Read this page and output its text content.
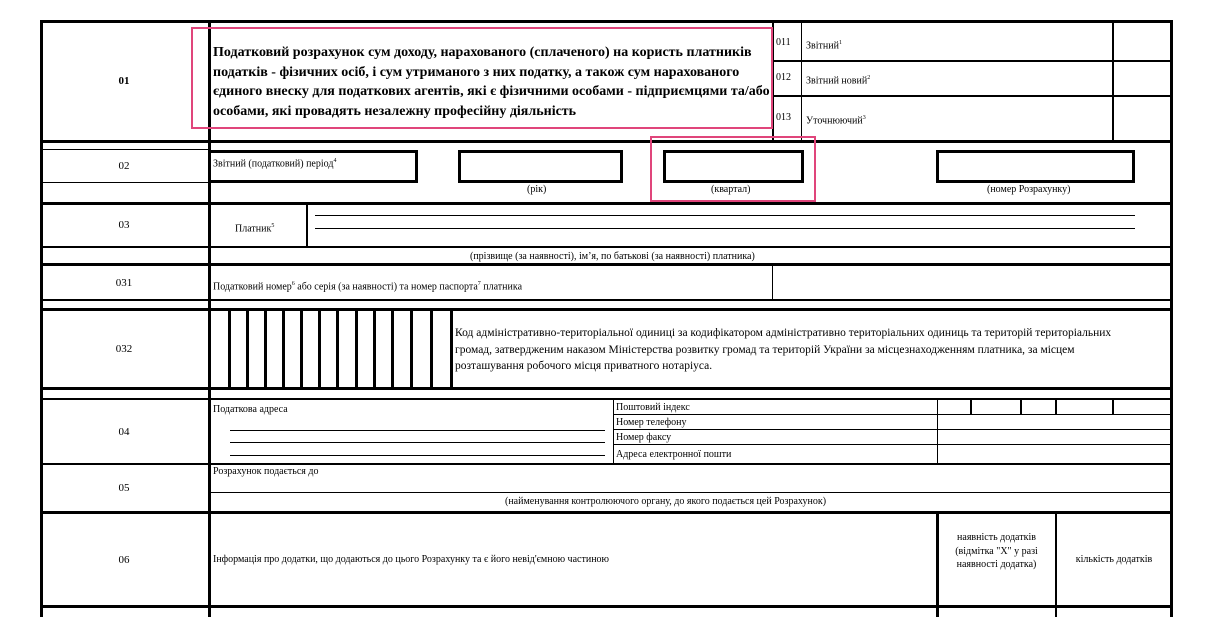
01
Податковий розрахунок сум доходу, нарахованого (сплаченого) на користь платників податків - фізичних осіб, і сум утриманого з них податку, а також сум нарахованого єдиного внеску для податкових агентів, які є фізичними особами - підприємцями та/або особами, які провадять незалежну професійну діяльність
011 Звітний$^1$
012 Звітний новий$^2$
013 Уточнюючий$^3$
02	Звітний (податковий) період$^4$
(рік)	(квартал)	(номер Розрахунку)
03	Платник$^5$
(прізвище (за наявності), ім’я, по батькові (за наявності) платника)
031	Податковий номер$^6$ або серія (за наявності) та номер паспорта$^7$ платника
032
Код адміністративно-територіальної одиниці за кодифікатором адміністративно територіальних одиниць та територій територіальних громад, затвердженим наказом Міністерства розвитку громад та територій України за місцезнаходженням платника, за місцем розташування робочого місця приватного нотаріуса.
04
Податкова адреса	Поштовий індекс
Номер телефону
Номер факсу
Адреса електронної пошти
05
Розрахунок подається до
(найменування контролюючого органу, до якого подається цей Розрахунок)
06	Інформація про додатки, що додаються до цього Розрахунку та є його невід'ємною частиною
наявність додатків (відмітка "Х" у разі наявності додатка)	кількість додатків
